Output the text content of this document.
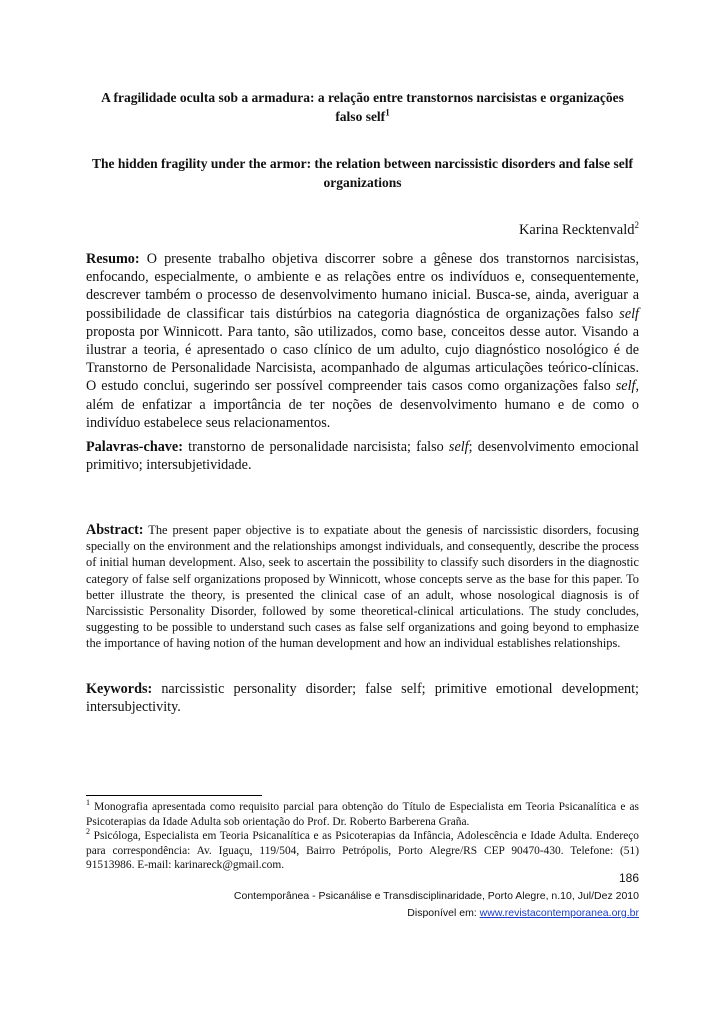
A fragilidade oculta sob a armadura: a relação entre transtornos narcisistas e organizações falso self$^1$
The hidden fragility under the armor: the relation between narcissistic disorders and false self organizations
Karina Recktenvald$^2$

Resumo: O presente trabalho objetiva discorrer sobre a gênese dos transtornos narcisistas, enfocando, especialmente, o ambiente e as relações entre os indivíduos e, consequentemente, descrever também o processo de desenvolvimento humano inicial. Busca-se, ainda, averiguar a possibilidade de classificar tais distúrbios na categoria diagnóstica de organizações falso self proposta por Winnicott. Para tanto, são utilizados, como base, conceitos desse autor. Visando a ilustrar a teoria, é apresentado o caso clínico de um adulto, cujo diagnóstico nosológico é de Transtorno de Personalidade Narcisista, acompanhado de algumas articulações teórico-clínicas. O estudo conclui, sugerindo ser possível compreender tais casos como organizações falso self, além de enfatizar a importância de ter noções de desenvolvimento humano e de como o indivíduo estabelece seus relacionamentos.

Palavras-chave: transtorno de personalidade narcisista; falso self; desenvolvimento emocional primitivo; intersubjetividade.

Abstract: The present paper objective is to expatiate about the genesis of narcissistic disorders, focusing specially on the environment and the relationships amongst individuals, and consequently, describe the process of initial human development. Also, seek to ascertain the possibility to classify such disorders in the diagnostic category of false self organizations proposed by Winnicott, whose concepts serve as the base for this paper. To better illustrate the theory, is presented the clinical case of an adult, whose nosological diagnosis is of Narcissistic Personality Disorder, followed by some theoretical-clinical articulations. The study concludes, suggesting to be possible to understand such cases as false self organizations and going beyond to emphasize the importance of having notion of the human development and how an individual establishes relationships.

Keywords: narcissistic personality disorder; false self; primitive emotional development; intersubjectivity.

$^1$ Monografia apresentada como requisito parcial para obtenção do Título de Especialista em Teoria Psicanalítica e as Psicoterapias da Idade Adulta sob orientação do Prof. Dr. Roberto Barberena Graña.

$^2$ Psicóloga, Especialista em Teoria Psicanalítica e as Psicoterapias da Infância, Adolescência e Idade Adulta. Endereço para correspondência: Av. Iguaçu, 119/504, Bairro Petrópolis, Porto Alegre/RS CEP 90470-430. Telefone: (51) 91513986. E-mail: karinareck@gmail.com.

186
Contemporânea - Psicanálise e Transdisciplinaridade, Porto Alegre, n.10, Jul/Dez 2010
Disponível em: www.revistacontemporanea.org.br
